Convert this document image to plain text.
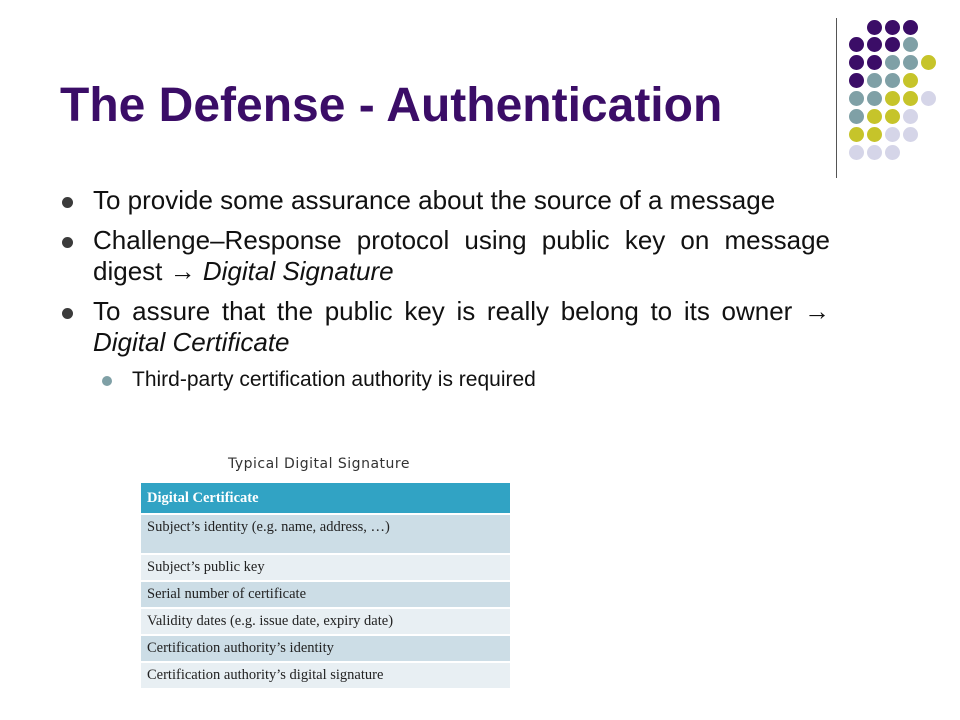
The Defense - Authentication
To provide some assurance about the source of a message
Challenge–Response protocol using public key on message digest → Digital Signature
To assure that the public key is really belong to its owner → Digital Certificate
Third-party certification authority is required
Typical Digital Signature
Digital Certificate
Subject’s identity (e.g. name, address, …)
Subject’s public key
Serial number of certificate
Validity dates (e.g. issue date, expiry date)
Certification authority’s identity
Certification authority’s digital signature
